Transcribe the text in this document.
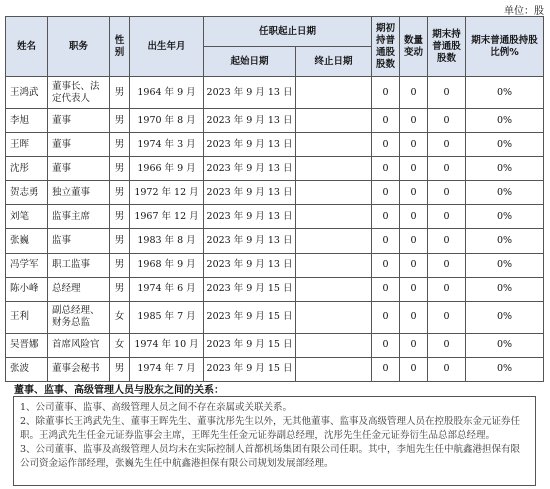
单位：股
姓名	职务	性别	出生年月	任职起止日期		期初持普通股股数	数量变动	期末持普通股股数	期末普通股持股比例%
				起始日期	终止日期				
王鸿武	董事长、法定代表人	男	1964 年 9 月	2023 年 9 月 13 日		0	0	0	0%
李旭	董事	男	1970 年 8 月	2023 年 9 月 13 日		0	0	0	0%
王晖	董事	男	1974 年 3 月	2023 年 9 月 13 日		0	0	0	0%
沈彤	董事	男	1966 年 9 月	2023 年 9 月 13 日		0	0	0	0%
贺志勇	独立董事	男	1972 年 12 月	2023 年 9 月 13 日		0	0	0	0%
刘笔	监事主席	男	1967 年 12 月	2023 年 9 月 13 日		0	0	0	0%
张巍	监事	男	1983 年 8 月	2023 年 9 月 13 日		0	0	0	0%
冯学军	职工监事	男	1968 年 9 月	2023 年 9 月 13 日		0	0	0	0%
陈小峰	总经理	男	1974 年 6 月	2023 年 9 月 15 日		0	0	0	0%
王利	副总经理、财务总监	女	1985 年 7 月	2023 年 9 月 15 日		0	0	0	0%
吴晋娜	首席风险官	女	1974 年 10 月	2023 年 9 月 15 日		0	0	0	0%
张波	董事会秘书	男	1974 年 7 月	2023 年 9 月 15 日		0	0	0	0%
董事、监事、高级管理人员与股东之间的关系：

1、公司董事、监事、高级管理人员之间不存在亲属或关联关系。

2、除董事长王鸿武先生、董事王晖先生、董事沈彤先生以外，无其他董事、监事及高级管理人员在控股股东金元证券任职。王鸿武先生任金元证券监事会主席，王晖先生任金元证券副总经理，沈彤先生任金元证券衍生品总部总经理。

3、公司董事、监事及高级管理人员均未在实际控制人首都机场集团有限公司任职。其中，李旭先生任中航鑫港担保有限公司资金运作部经理，张巍先生任中航鑫港担保有限公司规划发展部经理。
